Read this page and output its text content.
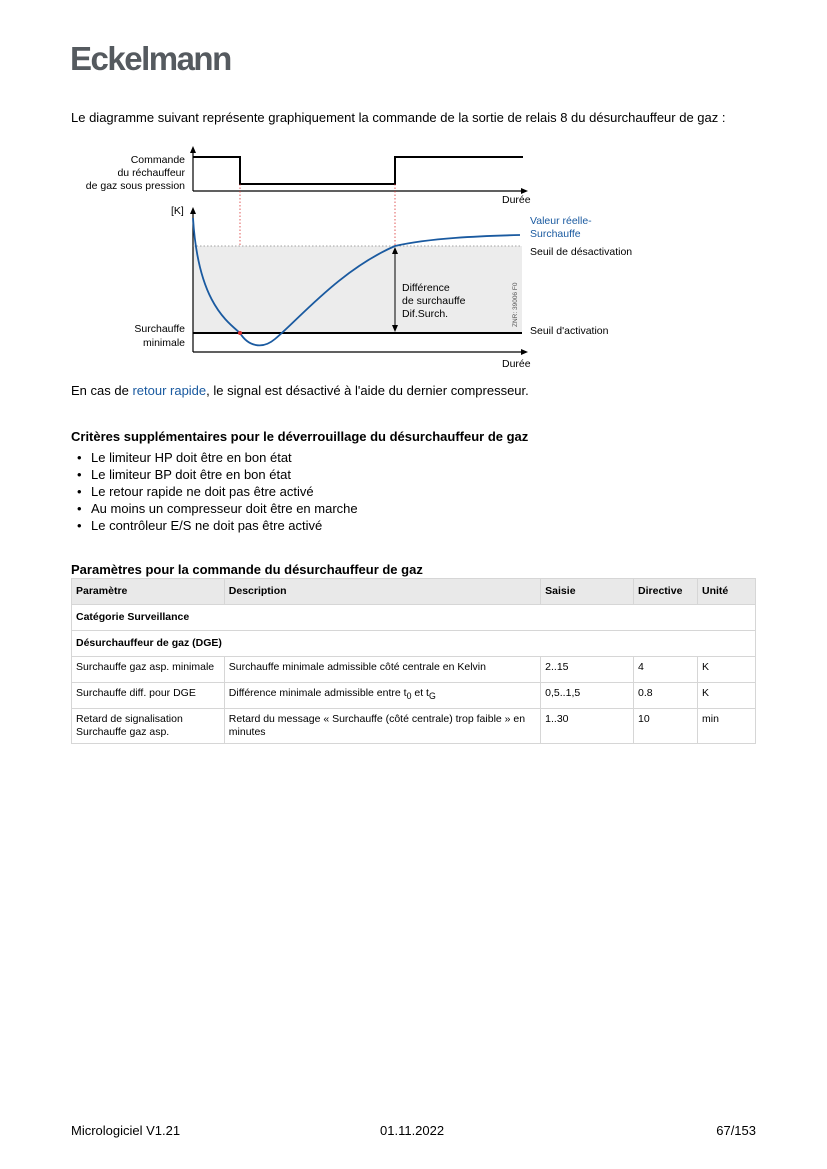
Eckelmann
Le diagramme suivant représente graphiquement la commande de la sortie de relais 8 du désurchauffeur de gaz :
Commande
du réchauffeur
de gaz sous pression
Durée
[K]
Valeur réelle-
Surchauffe
Seuil de désactivation
Seuil d'activation
Surchauffe
minimale
Différence
de surchauffe
Dif.Surch.	ZNR: 39006 F0
Durée
En cas de retour rapide, le signal est désactivé à l'aide du dernier compresseur.
Critères supplémentaires pour le déverrouillage du désurchauffeur de gaz
• Le limiteur HP doit être en bon état
• Le limiteur BP doit être en bon état
• Le retour rapide ne doit pas être activé
• Au moins un compresseur doit être en marche
• Le contrôleur E/S ne doit pas être activé
Paramètres pour la commande du désurchauffeur de gaz
Paramètre	Description	Saisie	Directive	Unité
Catégorie Surveillance				
Désurchauffeur de gaz (DGE)				
Surchauffe gaz asp. minimale	Surchauffe minimale admissible côté centrale en Kelvin	2..15	4	K
Surchauffe diff. pour DGE	Différence minimale admissible entre $t_0$ et $t_G$	0,5..1,5	0.8	K
Retard de signalisation Surchauffe gaz asp.	Retard du message « Surchauffe (côté centrale) trop faible » en minutes	1..30	10	min
Micrologiciel V1.21	01.11.2022	67/153
